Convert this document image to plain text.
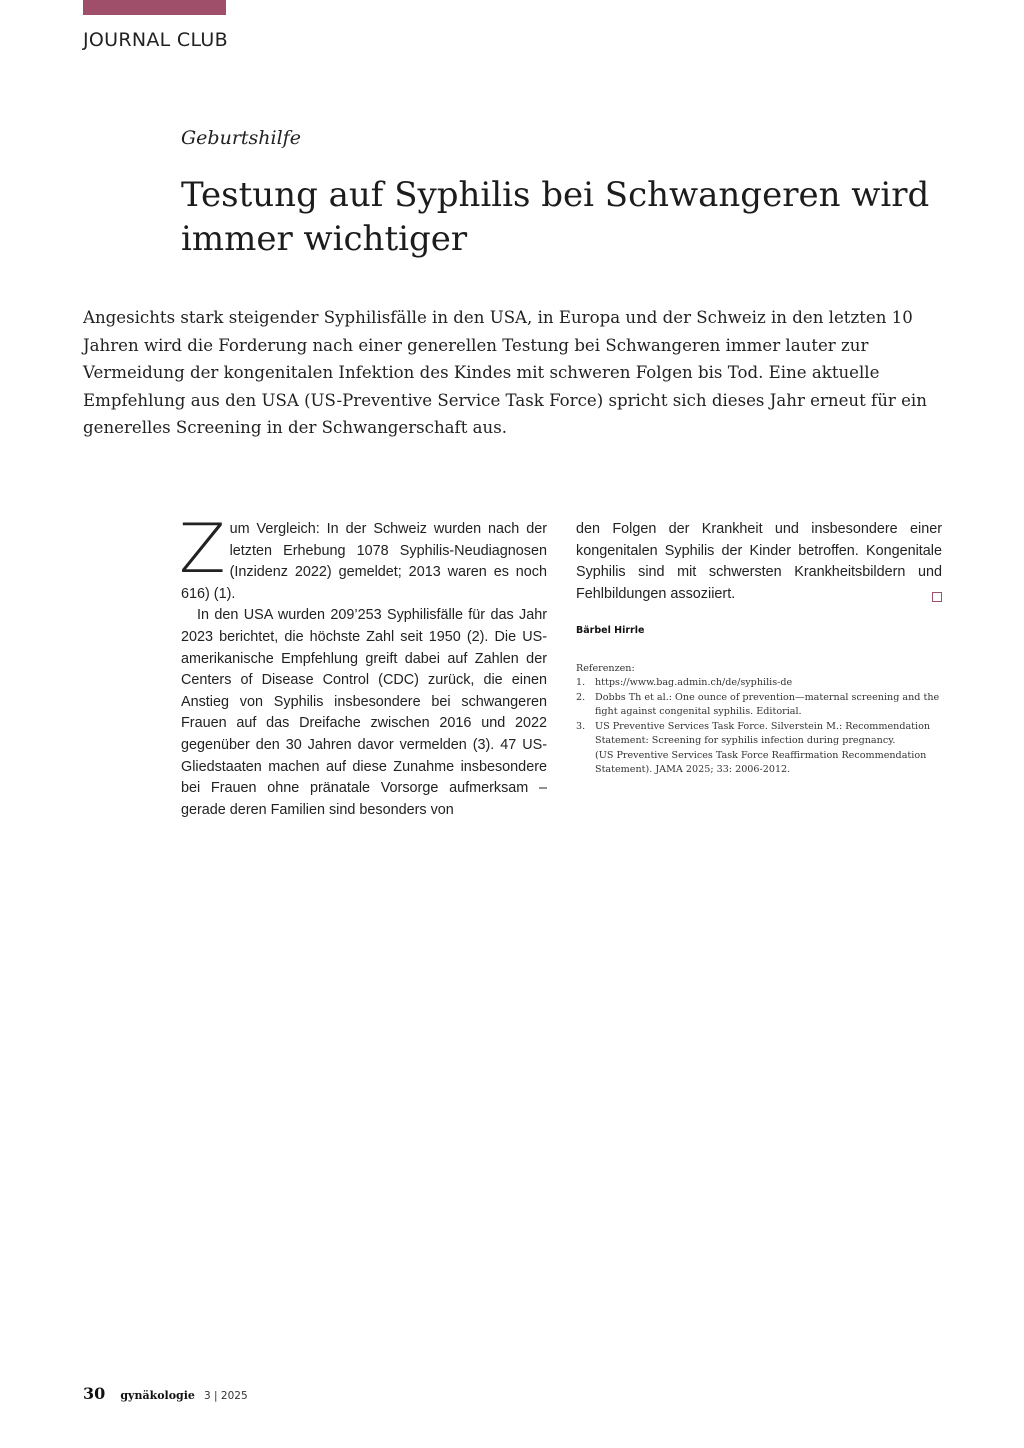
JOURNAL CLUB
Geburtshilfe
Testung auf Syphilis bei Schwangeren wird immer wichtiger

Angesichts stark steigender Syphilisfälle in den USA, in Europa und der Schweiz in den letzten 10 Jahren wird die Forderung nach einer generellen Testung bei Schwangeren immer lauter zur Vermeidung der kongenitalen Infektion des Kindes mit schweren Folgen bis Tod. Eine aktuelle Empfehlung aus den USA (US-Preventive Service Task Force) spricht sich dieses Jahr erneut für ein generelles Screening in der Schwangerschaft aus.

Zum Vergleich: In der Schweiz wurden nach der letzten Erhebung 1078 Syphilis-Neudiagnosen (Inzidenz 2022) gemeldet; 2013 waren es noch 616) (1).

In den USA wurden 209’253 Syphilisfälle für das Jahr 2023 berichtet, die höchste Zahl seit 1950 (2). Die US-amerikanische Empfehlung greift dabei auf Zahlen der Centers of Disease Control (CDC) zurück, die einen Anstieg von Syphilis insbesondere bei schwangeren Frauen auf das Dreifache zwischen 2016 und 2022 gegenüber den 30 Jahren davor vermelden (3). 47 US-Gliedstaaten machen auf diese Zunahme insbesondere bei Frauen ohne pränatale Vorsorge aufmerksam – gerade deren Familien sind besonders von

den Folgen der Krankheit und insbesondere einer kongenitalen Syphilis der Kinder betroffen. Kongenitale Syphilis sind mit schwersten Krankheitsbildern und Fehlbildungen assoziiert.

Bärbel Hirrle
Referenzen:
1. https://www.bag.admin.ch/de/syphilis-de
2. Dobbs Th et al.: One ounce of prevention—maternal screening and the fight against congenital syphilis. Editorial.
3. US Preventive Services Task Force. Silverstein M.: Recommendation Statement: Screening for syphilis infection during pregnancy.
(US Preventive Services Task Force Reaffirmation Recommendation Statement). JAMA 2025; 33: 2006-2012.
30 gynäkologie 3 | 2025
